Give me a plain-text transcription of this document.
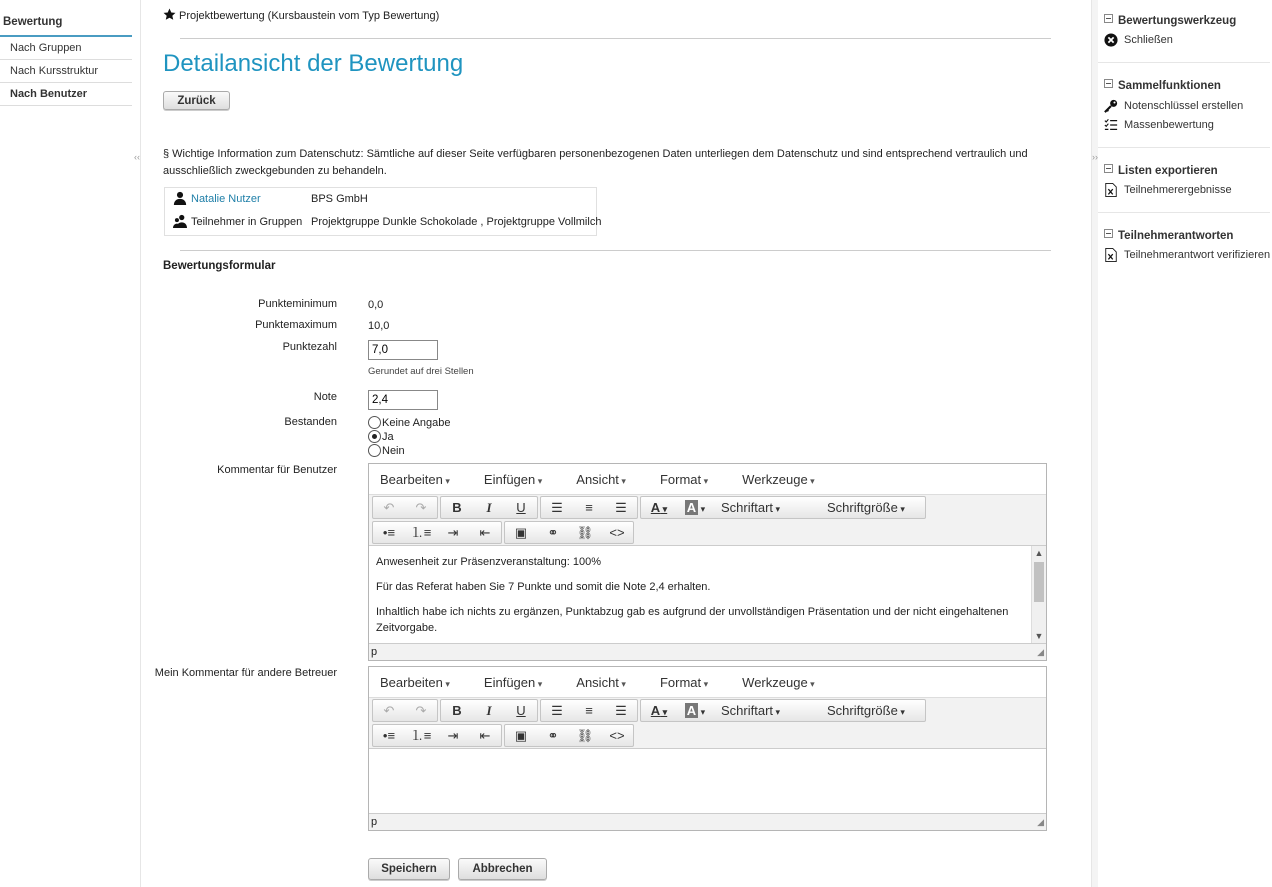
Bewertung
Nach Gruppen
Nach Kursstruktur
Nach Benutzer
‹‹	››
Projektbewertung (Kursbaustein vom Typ Bewertung)
Detailansicht der Bewertung
Zurück
§ Wichtige Information zum Datenschutz: Sämtliche auf dieser Seite verfügbaren personenbezogenen Daten unterliegen dem Datenschutz und sind entsprechend vertraulich und ausschließlich zweckgebunden zu behandeln.
Natalie Nutzer	BPS GmbH
Teilnehmer in Gruppen Projektgruppe Dunkle Schokolade , Projektgruppe Vollmilch
Bewertungsformular
Punkteminimum	0,0
Punktemaximum	10,0
Punktezahl
7,0
Gerundet auf drei Stellen
Note
2,4
Bestanden	Keine Angabe
Ja
Nein
Kommentar für Benutzer
Bearbeiten ▾	Einfügen ▾	Ansicht ▾	Format ▾	Werkzeuge ▾
↶	↷	B	I	U	☰	≡	☰	A ▾	A ▾	Schriftart ▾	Schriftgröße ▾
•≡	⒈≡	⇥	⇤	▣	⚭	⛓	<>

Anwesenheit zur Präsenzveranstaltung: 100%

Für das Referat haben Sie 7 Punkte und somit die Note 2,4 erhalten.

Inhaltlich habe ich nichts zu ergänzen, Punktabzug gab es aufgrund der unvollständigen Präsentation und der nicht eingehaltenen Zeitvorgabe.

▲
▼
p	◢
Mein Kommentar für andere Betreuer
Bearbeiten ▾	Einfügen ▾	Ansicht ▾	Format ▾	Werkzeuge ▾
↶	↷	B	I	U	☰	≡	☰	A ▾	A ▾	Schriftart ▾	Schriftgröße ▾
•≡	⒈≡	⇥	⇤	▣	⚭	⛓	<>
p	◢
Speichern	Abbrechen
Bewertungswerkzeug
Schließen
Sammelfunktionen
Notenschlüssel erstellen
Massenbewertung
Listen exportieren
Teilnehmerergebnisse
Teilnehmerantworten
Teilnehmerantwort verifizieren
